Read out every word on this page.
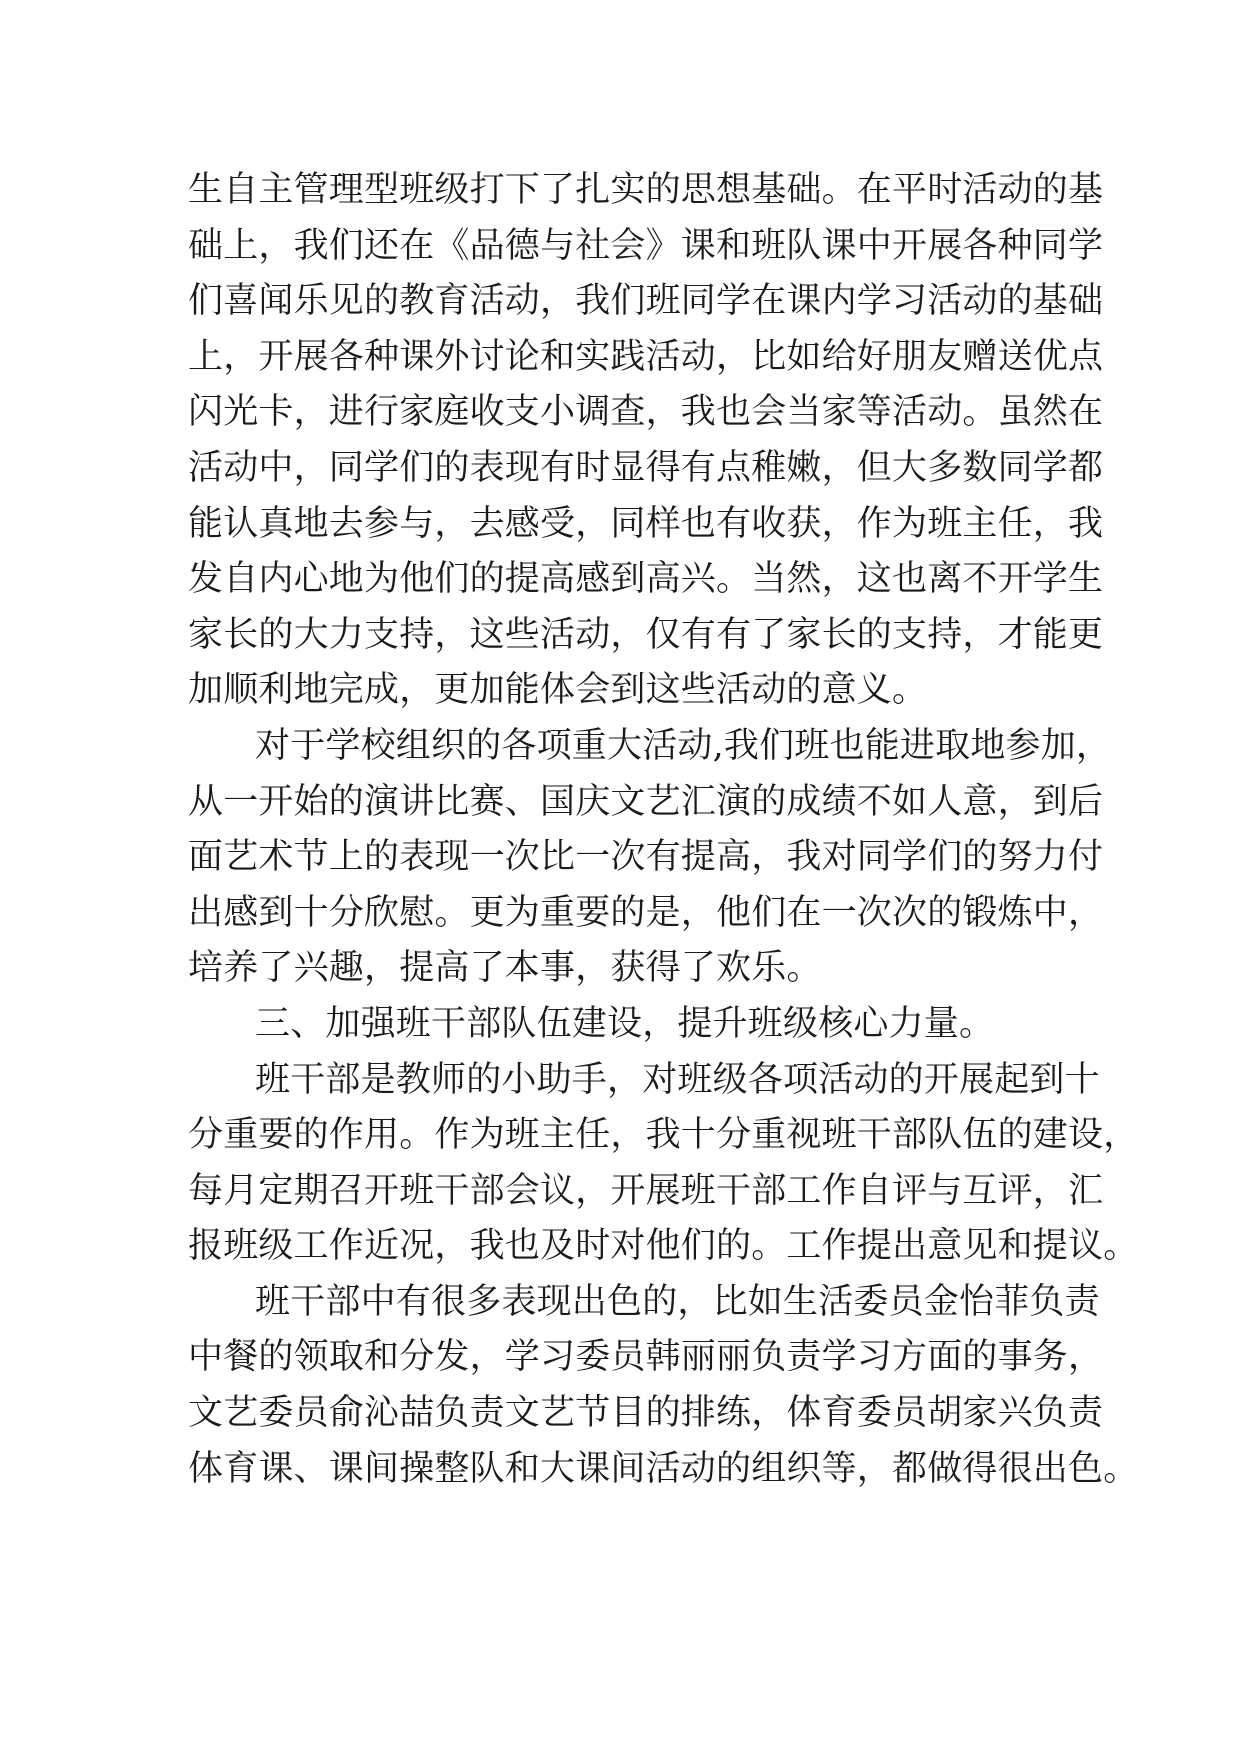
生自主管理型班级打下了扎实的思想基础。在平时活动的基
础上，我们还在《品德与社会》课和班队课中开展各种同学
们喜闻乐见的教育活动，我们班同学在课内学习活动的基础
上，开展各种课外讨论和实践活动，比如给好朋友赠送优点
闪光卡，进行家庭收支小调查，我也会当家等活动。虽然在
活动中，同学们的表现有时显得有点稚嫩，但大多数同学都
能认真地去参与，去感受，同样也有收获，作为班主任，我
发自内心地为他们的提高感到高兴。当然，这也离不开学生
家长的大力支持，这些活动，仅有有了家长的支持，才能更
加顺利地完成，更加能体会到这些活动的意义。
对于学校组织的各项重大活动,我们班也能进取地参加，
从一开始的演讲比赛、国庆文艺汇演的成绩不如人意，到后
面艺术节上的表现一次比一次有提高，我对同学们的努力付
出感到十分欣慰。更为重要的是，他们在一次次的锻炼中，
培养了兴趣，提高了本事，获得了欢乐。
三、加强班干部队伍建设，提升班级核心力量。
班干部是教师的小助手，对班级各项活动的开展起到十
分重要的作用。作为班主任，我十分重视班干部队伍的建设，
每月定期召开班干部会议，开展班干部工作自评与互评，汇
报班级工作近况，我也及时对他们的。工作提出意见和提议。
班干部中有很多表现出色的，比如生活委员金怡菲负责
中餐的领取和分发，学习委员韩丽丽负责学习方面的事务，
文艺委员俞沁喆负责文艺节目的排练，体育委员胡家兴负责
体育课、课间操整队和大课间活动的组织等，都做得很出色。
